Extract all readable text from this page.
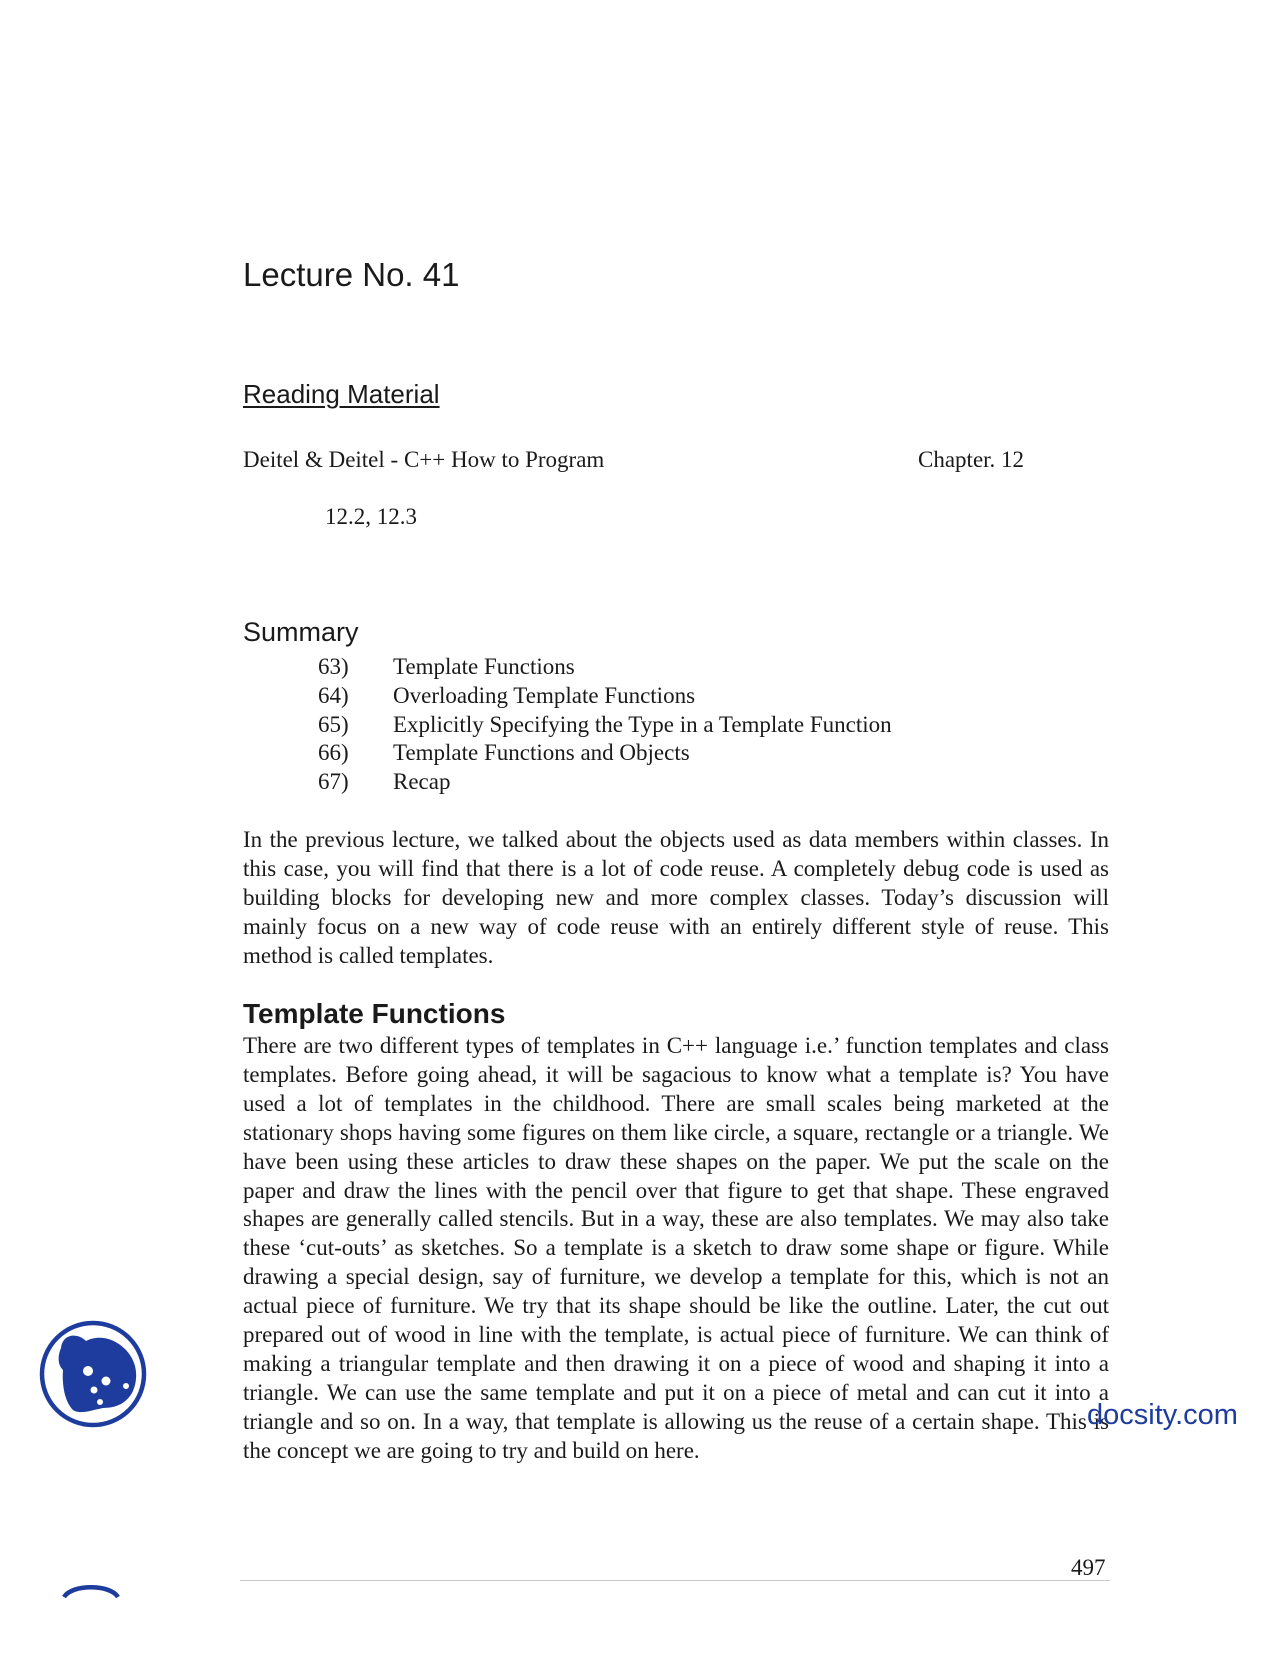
Lecture No. 41
Reading Material
Deitel & Deitel - C++ How to Program	Chapter. 12
12.2, 12.3
Summary
63) Template Functions
64) Overloading Template Functions
65) Explicitly Specifying the Type in a Template Function
66) Template Functions and Objects
67) Recap

In the previous lecture, we talked about the objects used as data members within classes. In this case, you will find that there is a lot of code reuse. A completely debug code is used as building blocks for developing new and more complex classes. Today’s discussion will mainly focus on a new way of code reuse with an entirely different style of reuse. This method is called templates.

Template Functions

There are two different types of templates in C++ language i.e.’ function templates and class templates. Before going ahead, it will be sagacious to know what a template is? You have used a lot of templates in the childhood. There are small scales being marketed at the stationary shops having some figures on them like circle, a square, rectangle or a triangle. We have been using these articles to draw these shapes on the paper. We put the scale on the paper and draw the lines with the pencil over that figure to get that shape. These engraved shapes are generally called stencils. But in a way, these are also templates. We may also take these ‘cut-outs’ as sketches. So a template is a sketch to draw some shape or figure. While drawing a special design, say of furniture, we develop a template for this, which is not an actual piece of furniture. We try that its shape should be like the outline. Later, the cut out prepared out of wood in line with the template, is actual piece of furniture. We can think of making a triangular template and then drawing it on a piece of wood and shaping it into a triangle. We can use the same template and put it on a piece of metal and can cut it into a triangle and so on. In a way, that template is allowing us the reuse of a certain shape. This is the concept we are going to try and build on here.

497
docsity.com
